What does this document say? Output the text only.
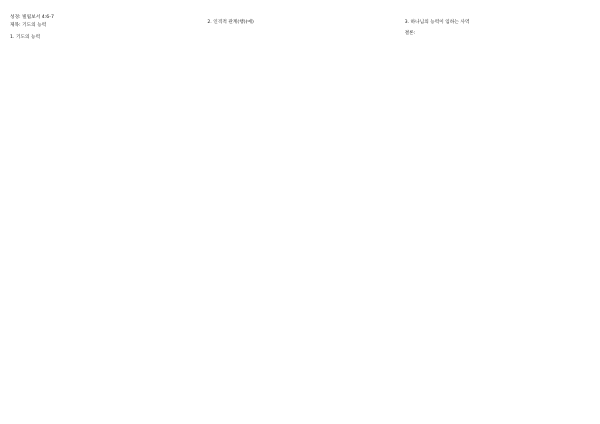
성경: 빌립보서 4:6-7

제목: 기도의 능력

1. 기도의 능력

2. 인격적 관계(행)(예)	3. 하나님의 능력이 임하는 사역

결론:
